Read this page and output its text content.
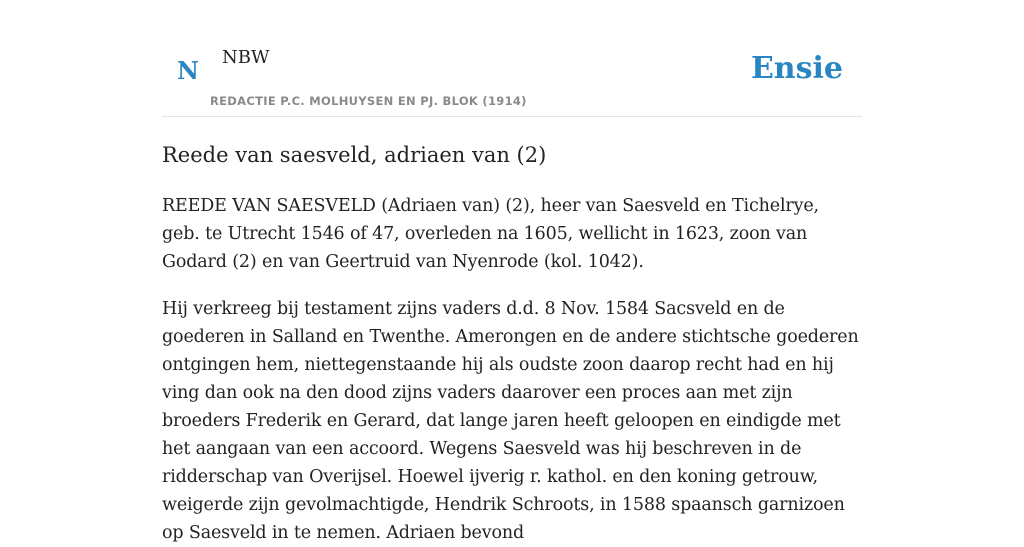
N NBW
REDACTIE P.C. MOLHUYSEN EN PJ. BLOK (1914)
Ensie
Reede van saesveld, adriaen van (2)

REEDE VAN SAESVELD (Adriaen van) (2), heer van Saesveld en Tichelrye, geb. te Utrecht 1546 of 47, overleden na 1605, wellicht in 1623, zoon van Godard (2) en van Geertruid van Nyenrode (kol. 1042).

Hij verkreeg bij testament zijns vaders d.d. 8 Nov. 1584 Sacsveld en de goederen in Salland en Twenthe. Amerongen en de andere stichtsche goederen ontgingen hem, niettegenstaande hij als oudste zoon daarop recht had en hij ving dan ook na den dood zijns vaders daarover een proces aan met zijn broeders Frederik en Gerard, dat lange jaren heeft geloopen en eindigde met het aangaan van een accoord. Wegens Saesveld was hij beschreven in de ridderschap van Overijsel. Hoewel ijverig r. kathol. en den koning getrouw, weigerde zijn gevolmachtigde, Hendrik Schroots, in 1588 spaansch garnizoen op Saesveld in te nemen. Adriaen bevond
